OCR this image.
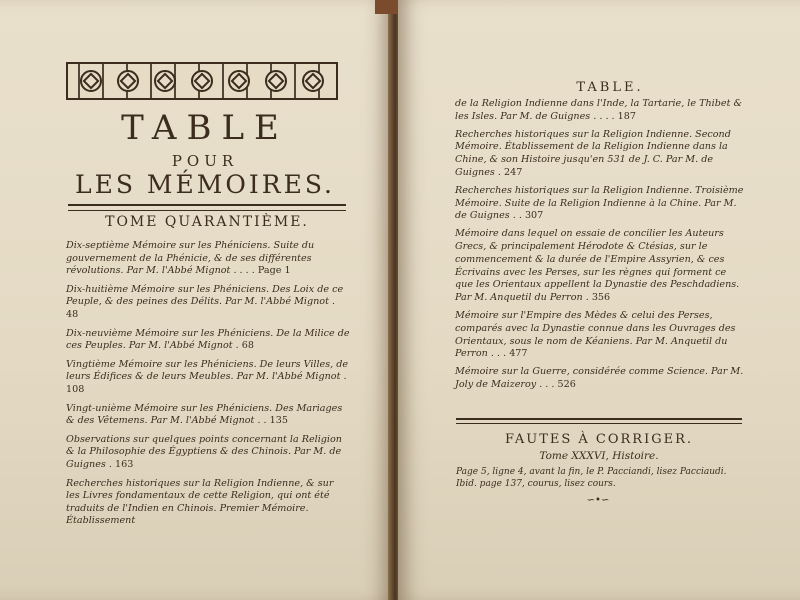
TABLE
POUR
LES MÉMOIRES.
TOME QUARANTIÈME.

Dix-septième Mémoire sur les Phéniciens. Suite du gouvernement de la Phénicie, & de ses différentes révolutions. Par M. l'Abbé Mignot . . . . Page 1

Dix-huitième Mémoire sur les Phéniciens. Des Loix de ce Peuple, & des peines des Délits. Par M. l'Abbé Mignot . 48

Dix-neuvième Mémoire sur les Phéniciens. De la Milice de ces Peuples. Par M. l'Abbé Mignot . 68

Vingtième Mémoire sur les Phéniciens. De leurs Villes, de leurs Édifices & de leurs Meubles. Par M. l'Abbé Mignot . 108

Vingt-unième Mémoire sur les Phéniciens. Des Mariages & des Vêtemens. Par M. l'Abbé Mignot . . 135

Observations sur quelques points concernant la Religion & la Philosophie des Égyptiens & des Chinois. Par M. de Guignes . 163

Recherches historiques sur la Religion Indienne, & sur les Livres fondamentaux de cette Religion, qui ont été traduits de l'Indien en Chinois. Premier Mémoire. Établissement

TABLE.

de la Religion Indienne dans l'Inde, la Tartarie, le Thibet & les Isles. Par M. de Guignes . . . . 187

Recherches historiques sur la Religion Indienne. Second Mémoire. Établissement de la Religion Indienne dans la Chine, & son Histoire jusqu'en 531 de J. C. Par M. de Guignes . 247

Recherches historiques sur la Religion Indienne. Troisième Mémoire. Suite de la Religion Indienne à la Chine. Par M. de Guignes . . 307

Mémoire dans lequel on essaie de concilier les Auteurs Grecs, & principalement Hérodote & Ctésias, sur le commencement & la durée de l'Empire Assyrien, & ces Écrivains avec les Perses, sur les règnes qui forment ce que les Orientaux appellent la Dynastie des Peschdadiens. Par M. Anquetil du Perron . 356

Mémoire sur l'Empire des Mèdes & celui des Perses, comparés avec la Dynastie connue dans les Ouvrages des Orientaux, sous le nom de Kéaniens. Par M. Anquetil du Perron . . . 477

Mémoire sur la Guerre, considérée comme Science. Par M. Joly de Maizeroy . . . 526

FAUTES À CORRIGER.
Tome XXXVI, Histoire.
Page 5, ligne 4, avant la fin, le P. Pacciandi, lisez Pacciaudi.
Ibid. page 137, courus, lisez cours.
∽•∽
